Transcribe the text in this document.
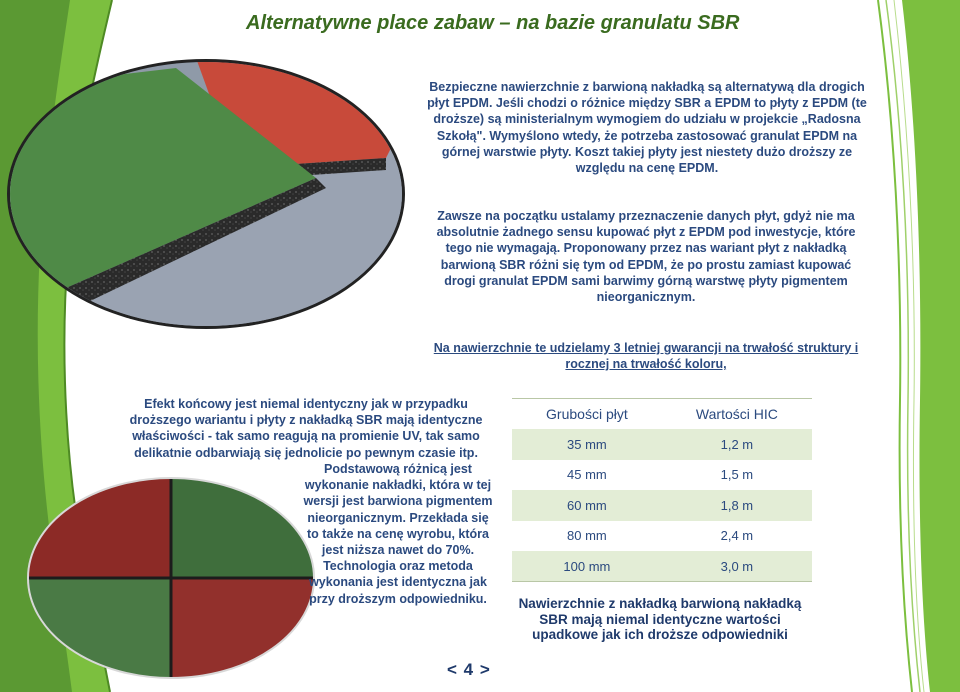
Alternatywne place zabaw – na bazie granulatu SBR
Bezpieczne nawierzchnie z barwioną nakładką są alternatywą dla drogich płyt EPDM. Jeśli chodzi o różnice między SBR a EPDM to płyty z EPDM (te droższe) są ministerialnym wymogiem do udziału w projekcie „Radosna Szkołą". Wymyślono wtedy, że potrzeba zastosować granulat EPDM na górnej warstwie płyty. Koszt takiej płyty jest niestety dużo droższy ze względu na cenę EPDM.
Zawsze na początku ustalamy przeznaczenie danych płyt, gdyż nie ma absolutnie żadnego sensu kupować płyt z EPDM pod inwestycje, które tego nie wymagają. Proponowany przez nas wariant płyt z nakładką barwioną SBR różni się tym od EPDM, że po prostu zamiast kupować drogi granulat EPDM sami barwimy górną warstwę płyty pigmentem nieorganicznym.
Na nawierzchnie te udzielamy 3 letniej gwarancji na trwałość struktury i rocznej na trwałość koloru,
Efekt końcowy jest niemal identyczny jak w przypadku droższego wariantu i płyty z nakładką SBR mają identyczne właściwości - tak samo reagują na promienie UV, tak samo delikatnie odbarwiają się jednolicie po pewnym czasie itp.
Podstawową różnicą jest wykonanie nakładki, która w tej wersji jest barwiona pigmentem nieorganicznym. Przekłada się to także na cenę wyrobu, która jest niższa nawet do 70%. Technologia oraz metoda wykonania jest identyczna jak przy droższym odpowiedniku.
Grubości płyt	Wartości HIC
35 mm	1,2 m
45 mm	1,5 m
60 mm	1,8 m
80 mm	2,4 m
100 mm	3,0 m
Nawierzchnie z nakładką barwioną nakładką SBR mają niemal identyczne wartości upadkowe jak ich droższe odpowiedniki
< 4 >
